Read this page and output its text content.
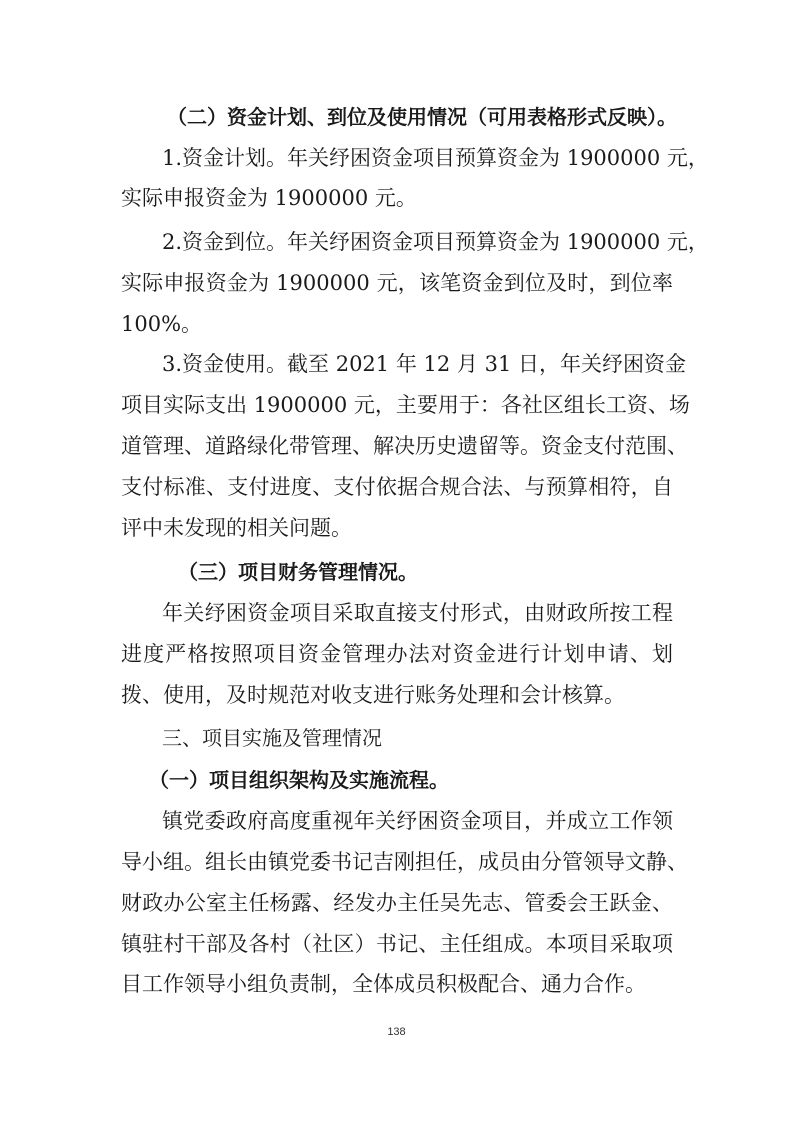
（二）资金计划、到位及使用情况（可用表格形式反映）。
1.资金计划。年关纾困资金项目预算资金为 1900000 元，
实际申报资金为 1900000 元。
2.资金到位。年关纾困资金项目预算资金为 1900000 元，
实际申报资金为 1900000 元，该笔资金到位及时，到位率
100%。
3.资金使用。截至 2021 年 12 月 31 日，年关纾困资金
项目实际支出 1900000 元，主要用于：各社区组长工资、场
道管理、道路绿化带管理、解决历史遗留等。资金支付范围、
支付标准、支付进度、支付依据合规合法、与预算相符，自
评中未发现的相关问题。
（三）项目财务管理情况。
年关纾困资金项目采取直接支付形式，由财政所按工程
进度严格按照项目资金管理办法对资金进行计划申请、划
拨、使用，及时规范对收支进行账务处理和会计核算。
三、项目实施及管理情况
（一）项目组织架构及实施流程。
镇党委政府高度重视年关纾困资金项目，并成立工作领
导小组。组长由镇党委书记吉刚担任，成员由分管领导文静、
财政办公室主任杨露、经发办主任吴先志、管委会王跃金、
镇驻村干部及各村（社区）书记、主任组成。本项目采取项
目工作领导小组负责制，全体成员积极配合、通力合作。
138
